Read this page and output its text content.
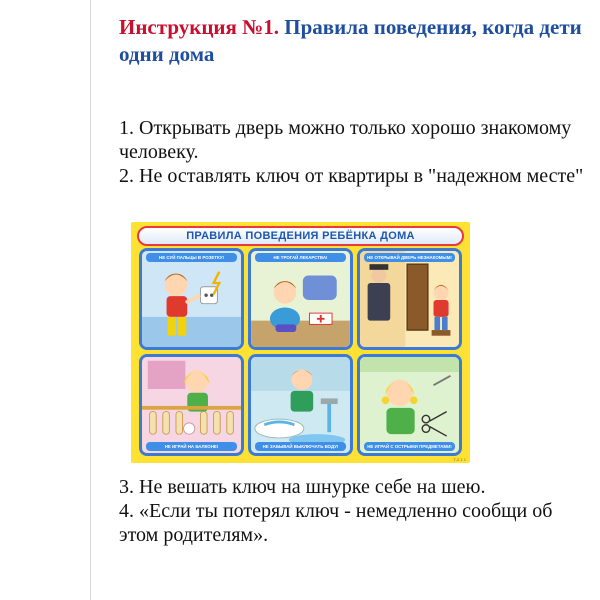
Инструкция №1. Правила поведения, когда дети одни дома

1. Открывать дверь можно только хорошо знакомому человеку.

2. Не оставлять ключ от квартиры в "надежном месте"

ПРАВИЛА ПОВЕДЕНИЯ РЕБЁНКА ДОМА
НЕ СУЙ ПАЛЬЦЫ В РОЗЕТКУ!	НЕ ТРОГАЙ ЛЕКАРСТВА!	НЕ ОТКРЫВАЙ ДВЕРЬ НЕЗНАКОМЫМ!
НЕ ИГРАЙ НА БАЛКОНЕ!	НЕ ЗАБЫВАЙ ВЫКЛЮЧАТЬ ВОДУ!	НЕ ИГРАЙ С ОСТРЫМИ ПРЕДМЕТАМИ!
Т-2 1 1

3. Не вешать ключ на шнурке себе на шею.

4. «Если ты потерял ключ - немедленно сообщи об этом родителям».
